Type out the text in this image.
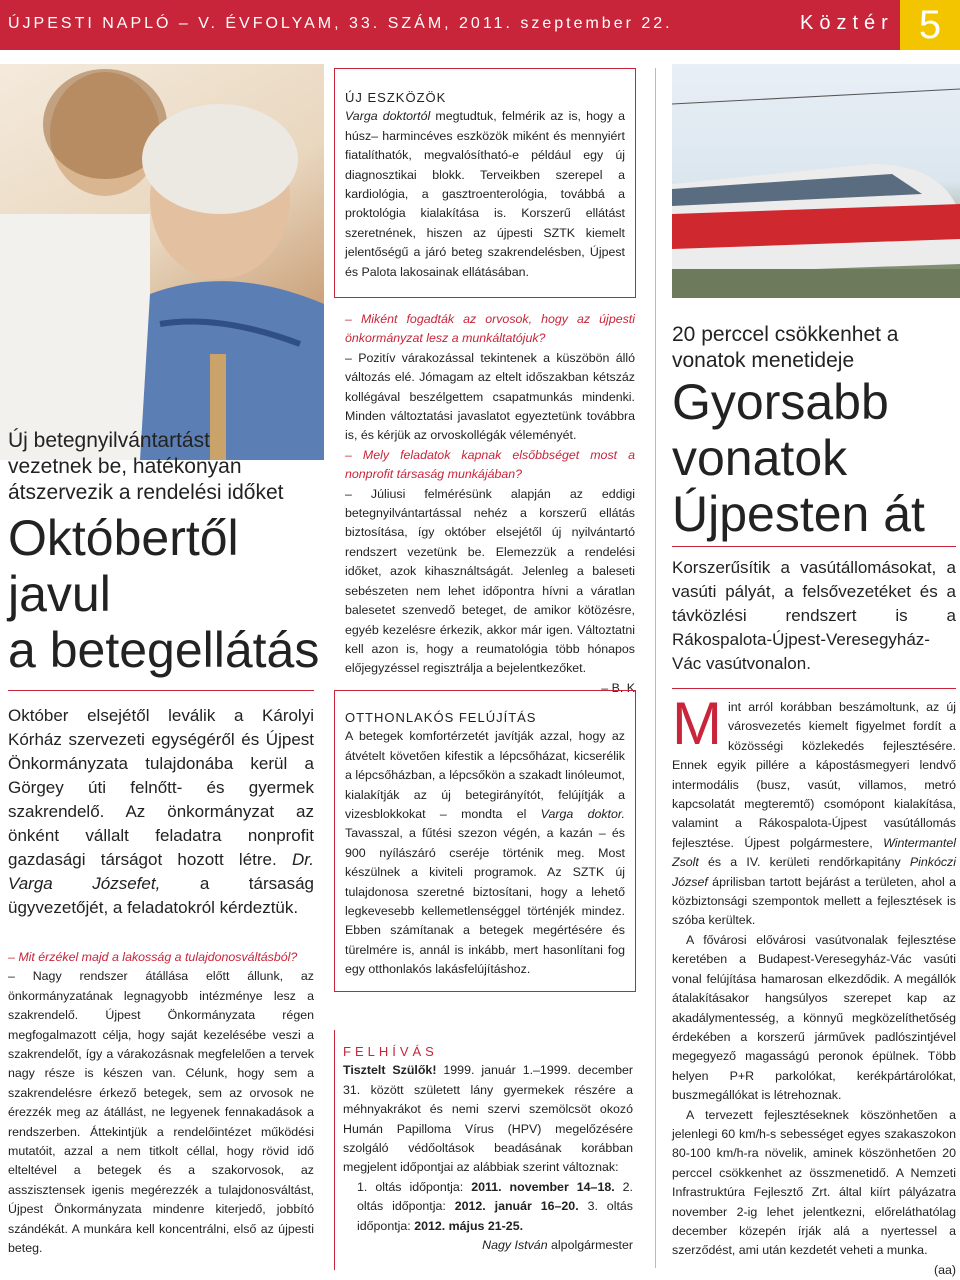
ÚJPESTI NAPLÓ – V. ÉVFOLYAM, 33. SZÁM, 2011. szeptember 22.	Köztér 5
ÚJ ESZKÖZÖK

Varga doktortól megtudtuk, felmérik az is, hogy a húsz– harmincéves eszközök miként és mennyiért fiatalíthatók, megvalósítható-e például egy új diagnosztikai blokk. Terveikben szerepel a kardiológia, a gasztroenterológia, továbbá a proktológia kialakítása is. Korszerű ellátást szeretnének, hiszen az újpesti SZTK kiemelt jelentőségű a járó beteg szakrendelésben, Újpest és Palota lakosainak ellátásában.

Új betegnyilvántartást vezetnek be, hatékonyan átszervezik a rendelési időket
Októbertől
javul
a betegellátás
Október elsejétől leválik a Károlyi Kórház szervezeti egységéről és Újpest Önkormányzata tulajdonába kerül a Görgey úti felnőtt- és gyermek szakrendelő. Az önkormányzat az önként vállalt feladatra nonprofit gazdasági társágot hozott létre. Dr. Varga Józsefet, a társaság ügyvezetőjét, a feladatokról kérdeztük.

– Mit érzékel majd a lakosság a tulajdonosváltásból?

– Nagy rendszer átállása előtt állunk, az önkormányzatának legnagyobb intézménye lesz a szakrendelő. Újpest Önkormányzata régen megfogalmazott célja, hogy saját kezelésébe veszi a szakrendelőt, így a várakozásnak megfelelően a tervek nagy része is készen van. Célunk, hogy sem a szakrendelésre érkező betegek, sem az orvosok ne érezzék meg az átállást, ne legyenek fennakadások a rendszerben. Áttekintjük a rendelőintézet működési mutatóit, azzal a nem titkolt céllal, hogy rövid idő elteltével a betegek és a szakorvosok, az asszisztensek igenis megérezzék a tulajdonosváltást, Újpest Önkormányzata mindenre kiterjedő, jobbító szándékát. A munkára kell koncentrálni, első az újpesti beteg.

– Miként fogadták az orvosok, hogy az újpesti önkormányzat lesz a munkáltatójuk?

– Pozitív várakozással tekintenek a küszöbön álló változás elé. Jómagam az eltelt időszakban kétszáz kollégával beszélgettem csapatmunkás mindenki. Minden változtatási javaslatot egyeztetünk továbbra is, és kérjük az orvoskollégák véleményét.

– Mely feladatok kapnak elsőbbséget most a nonprofit társaság munkájában?

– Júliusi felmérésünk alapján az eddigi betegnyilvántartással nehéz a korszerű ellátás biztosítása, így október elsejétől új nyilvántartó rendszert vezetünk be. Elemezzük a rendelési időket, azok kihasználtságát. Jelenleg a baleseti sebészeten nem lehet időpontra hívni a váratlan balesetet szenvedő beteget, de amikor kötözésre, egyéb kezelésre érkezik, akkor már igen. Változtatni kell azon is, hogy a reumatológia több hónapos előjegyzéssel regisztrálja a bejelentkezőket.

– B. K

OTTHONLAKÓS FELÚJÍTÁS

A betegek komfortérzetét javítják azzal, hogy az átvételt követően kifestik a lépcsőházat, kicserélik a lépcsőházban, a lépcsőkön a szakadt linóleumot, kialakítják az új betegirányítót, felújítják a vizesblokkokat – mondta el Varga doktor. Tavasszal, a fűtési szezon végén, a kazán – és 900 nyílászáró cseréje történik meg. Most készülnek a kiviteli programok. Az SZTK új tulajdonosa szeretné biztosítani, hogy a lehető legkevesebb kellemetlenséggel történjék mindez. Ebben számítanak a betegek megértésére és türelmére is, annál is inkább, mert hasonlítani fog egy otthonlakós lakásfelújításhoz.

FELHÍVÁS

Tisztelt Szülők! 1999. január 1.–1999. december 31. között született lány gyermekek részére a méhnyakrákot és nemi szervi szemölcsöt okozó Humán Papilloma Vírus (HPV) megelőzésére szolgáló védőoltások beadásának korábban megjelent időpontjai az alábbiak szerint változnak:

1. oltás időpontja: 2011. november 14–18. 2. oltás időpontja: 2012. január 16–20. 3. oltás időpontja: 2012. május 21-25.

Nagy István alpolgármester

20 perccel csökkenhet a vonatok menetideje
Gyorsabb
vonatok
Újpesten át
Korszerűsítik a vasútállomásokat, a vasúti pályát, a felsővezetéket és a távközlési rendszert is a Rákospalota-Újpest-Veresegyház-Vác vasútvonalon.

Mint arról korábban beszámoltunk, az új városvezetés kiemelt figyelmet fordít a közösségi közlekedés fejlesztésére. Ennek egyik pillére a kápostásmegyeri lendvő intermodális (busz, vasút, villamos, metró kapcsolatát megteremtő) csomópont kialakítása, valamint a Rákospalota-Újpest vasútállomás fejlesztése. Újpest polgármestere, Wintermantel Zsolt és a IV. kerületi rendőrkapitány Pinkóczi József áprilisban tartott bejárást a területen, ahol a közbiztonsági szempontok mellett a fejlesztések is szóba kerültek.

A fővárosi elővárosi vasútvonalak fejlesztése keretében a Budapest-Veresegyház-Vác vasúti vonal felújítása hamarosan elkezdődik. A megállók átalakításakor hangsúlyos szerepet kap az akadálymentesség, a könnyű megközelíthetőség érdekében a korszerű járművek padlószintjével megegyező magasságú peronok épülnek. Több helyen P+R parkolókat, kerékpártárolókat, buszmegállókat is létrehoznak.

A tervezett fejlesztéseknek köszönhetően a jelenlegi 60 km/h-s sebességet egyes szakaszokon 80-100 km/h-ra növelik, aminek köszönhetően 20 perccel csökkenhet az összmenetidő. A Nemzeti Infrastruktúra Fejlesztő Zrt. által kiírt pályázatra november 2-ig lehet jelentkezni, előreláthatólag december közepén írják alá a nyertessel a szerződést, ami után kezdetét veheti a munka.

(aa)
